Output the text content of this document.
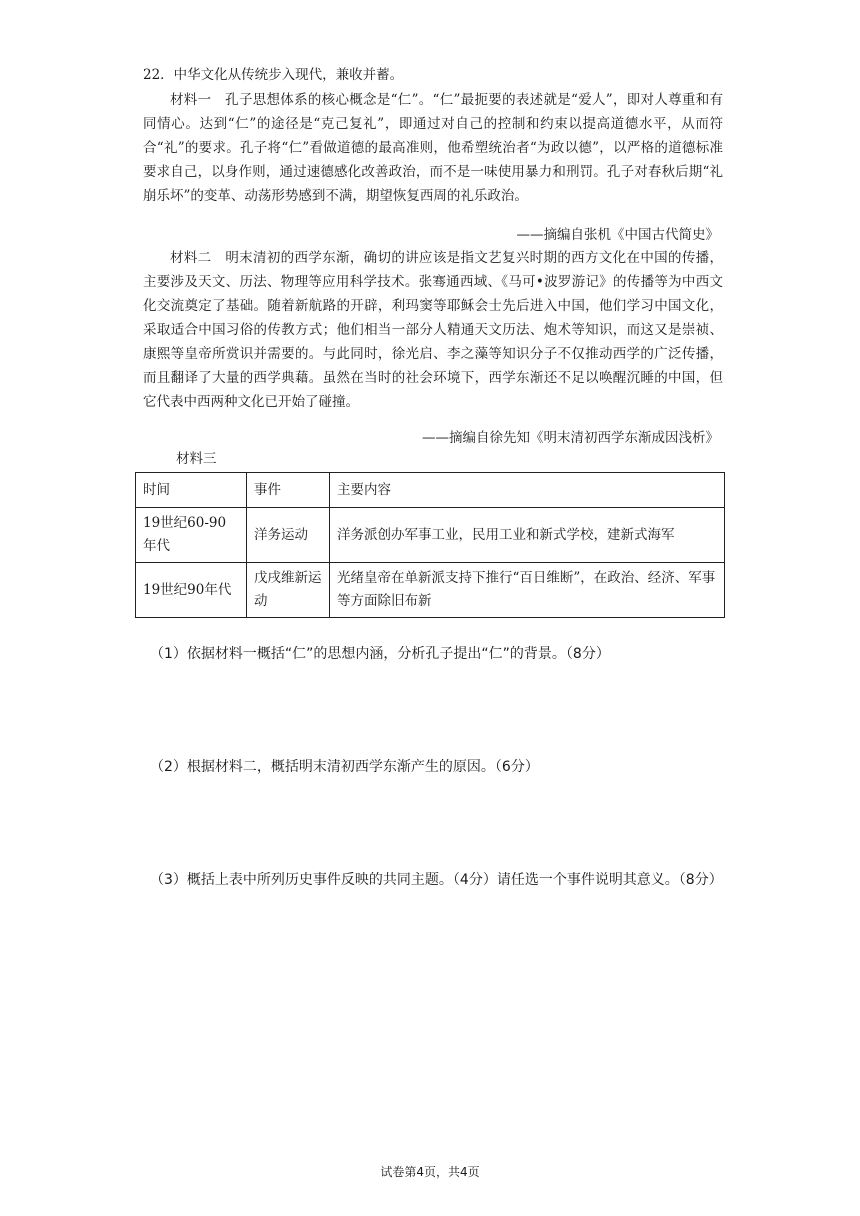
22．中华文化从传统步入现代，兼收并蓄。

材料一　孔子思想体系的核心概念是“仁”。“仁”最扼要的表述就是“爱人”，即对人尊重和有同情心。达到“仁”的途径是“克己复礼”，即通过对自己的控制和约束以提高道德水平，从而符合“礼”的要求。孔子将“仁”看做道德的最高准则，他希塑统治者“为政以德”，以严格的道德标准要求自己，以身作则，通过速德感化改善政治，而不是一味使用暴力和刑罚。孔子对春秋后期“礼崩乐坏”的变革、动荡形势感到不满，期望恢复西周的礼乐政治。

——摘编自张机《中国古代简史》

材料二　明末清初的西学东渐，确切的讲应该是指文艺复兴时期的西方文化在中国的传播，主要涉及天文、历法、物理等应用科学技术。张骞通西域、《马可•波罗游记》的传播等为中西文化交流奠定了基础。随着新航路的开辟，利玛窦等耶稣会士先后进入中国，他们学习中国文化，采取适合中国习俗的传教方式；他们相当一部分人精通天文历法、炮术等知识，而这又是崇祯、康熙等皇帝所赏识并需要的。与此同时，徐光启、李之藻等知识分子不仅推动西学的广泛传播，而且翻译了大量的西学典藉。虽然在当时的社会环境下，西学东渐还不足以唤醒沉睡的中国，但它代表中西两种文化已开始了碰撞。

——摘编自徐先知《明末清初西学东渐成因浅析》
材料三
时间	事件	主要内容
19世纪60-90年代	洋务运动	洋务派创办军事工业，民用工业和新式学校，建新式海军
19世纪90年代	戊戌维新运动	光绪皇帝在单新派支持下推行“百日维断”，在政治、经济、军事等方面除旧布新

（1）依据材料一概括“仁”的思想内涵，分析孔子提出“仁”的背景。（8分）

（2）根据材料二，概括明末清初西学东渐产生的原因。（6分）

（3）概括上表中所列历史事件反映的共同主题。（4分）请任选一个事件说明其意义。（8分）

试卷第4页，共4页
